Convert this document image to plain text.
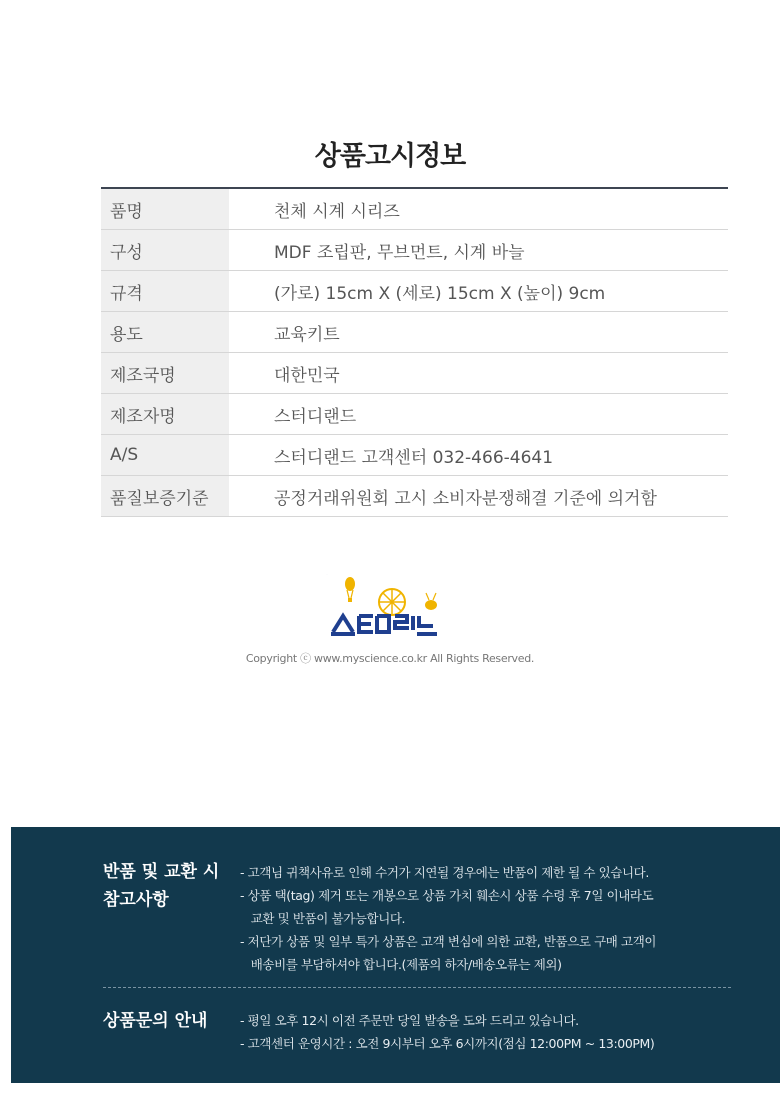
상품고시정보
품명	천체 시계 시리즈
구성	MDF 조립판, 무브먼트, 시계 바늘
규격	(가로) 15cm X (세로) 15cm X (높이) 9cm
용도	교육키트
제조국명	대한민국
제조자명	스터디랜드
A/S	스터디랜드 고객센터 032-466-4641
품질보증기준	공정거래위원회 고시 소비자분쟁해결 기준에 의거함
스터디랜드
Copyright ⓒ www.myscience.co.kr All Rights Reserved.
반품 및 교환 시
참고사항
- 고객님 귀책사유로 인해 수거가 지연될 경우에는 반품이 제한 될 수 있습니다.
- 상품 택(tag) 제거 또는 개봉으로 상품 가치 훼손시 상품 수령 후 7일 이내라도
교환 및 반품이 불가능합니다.
- 저단가 상품 및 일부 특가 상품은 고객 변심에 의한 교환, 반품으로 구매 고객이
배송비를 부담하셔야 합니다.(제품의 하자/배송오류는 제외)
상품문의 안내	- 평일 오후 12시 이전 주문만 당일 발송을 도와 드리고 있습니다.
- 고객센터 운영시간 : 오전 9시부터 오후 6시까지(점심 12:00PM ~ 13:00PM)
